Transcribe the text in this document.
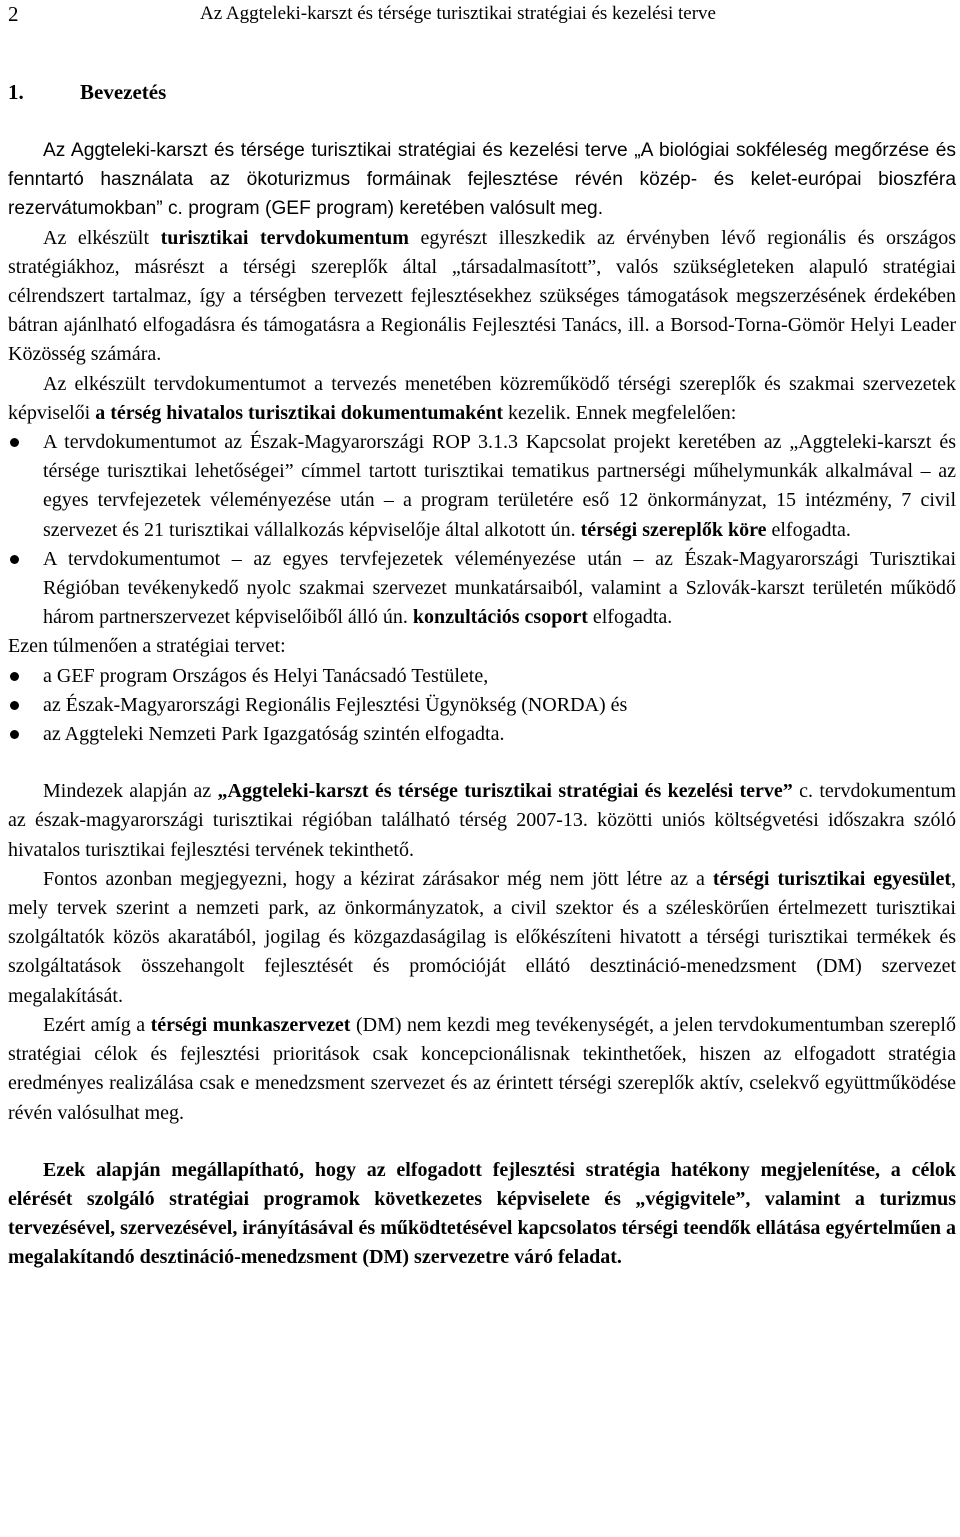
2	Az Aggteleki-karszt és térsége turisztikai stratégiai és kezelési terve
1.	Bevezetés

Az Aggteleki-karszt és térsége turisztikai stratégiai és kezelési terve „A biológiai sokféleség megőrzése és fenntartó használata az ökoturizmus formáinak fejlesztése révén közép- és kelet-európai bioszféra rezervátumokban” c. program (GEF program) keretében valósult meg.

Az elkészült turisztikai tervdokumentum egyrészt illeszkedik az érvényben lévő regionális és országos stratégiákhoz, másrészt a térségi szereplők által „társadalmasított”, valós szükségleteken alapuló stratégiai célrendszert tartalmaz, így a térségben tervezett fejlesztésekhez szükséges támogatások megszerzésének érdekében bátran ajánlható elfogadásra és támogatásra a Regionális Fejlesztési Tanács, ill. a Borsod-Torna-Gömör Helyi Leader Közösség számára.

Az elkészült tervdokumentumot a tervezés menetében közreműködő térségi szereplők és szakmai szervezetek képviselői a térség hivatalos turisztikai dokumentumaként kezelik. Ennek megfelelően:

A tervdokumentumot az Észak-Magyarországi ROP 3.1.3 Kapcsolat projekt keretében az „Aggteleki-karszt és térsége turisztikai lehetőségei” címmel tartott turisztikai tematikus partnerségi műhelymunkák alkalmával – az egyes tervfejezetek véleményezése után – a program területére eső 12 önkormányzat, 15 intézmény, 7 civil szervezet és 21 turisztikai vállalkozás képviselője által alkotott ún. térségi szereplők köre elfogadta.
A tervdokumentumot – az egyes tervfejezetek véleményezése után – az Észak-Magyarországi Turisztikai Régióban tevékenykedő nyolc szakmai szervezet munkatársaiból, valamint a Szlovák-karszt területén működő három partnerszervezet képviselőiből álló ún. konzultációs csoport elfogadta.

Ezen túlmenően a stratégiai tervet:

a GEF program Országos és Helyi Tanácsadó Testülete,
az Észak-Magyarországi Regionális Fejlesztési Ügynökség (NORDA) és
az Aggteleki Nemzeti Park Igazgatóság szintén elfogadta.

Mindezek alapján az „Aggteleki-karszt és térsége turisztikai stratégiai és kezelési terve” c. tervdokumentum az észak-magyarországi turisztikai régióban található térség 2007-13. közötti uniós költségvetési időszakra szóló hivatalos turisztikai fejlesztési tervének tekinthető.

Fontos azonban megjegyezni, hogy a kézirat zárásakor még nem jött létre az a térségi turisztikai egyesület, mely tervek szerint a nemzeti park, az önkormányzatok, a civil szektor és a széleskörűen értelmezett turisztikai szolgáltatók közös akaratából, jogilag és közgazdaságilag is előkészíteni hivatott a térségi turisztikai termékek és szolgáltatások összehangolt fejlesztését és promócióját ellátó desztináció-menedzsment (DM) szervezet megalakítását.

Ezért amíg a térségi munkaszervezet (DM) nem kezdi meg tevékenységét, a jelen tervdokumentumban szereplő stratégiai célok és fejlesztési prioritások csak koncepcionálisnak tekinthetőek, hiszen az elfogadott stratégia eredményes realizálása csak e menedzsment szervezet és az érintett térségi szereplők aktív, cselekvő együttműködése révén valósulhat meg.

Ezek alapján megállapítható, hogy az elfogadott fejlesztési stratégia hatékony megjelenítése, a célok elérését szolgáló stratégiai programok következetes képviselete és „végigvitele”, valamint a turizmus tervezésével, szervezésével, irányításával és működtetésével kapcsolatos térségi teendők ellátása egyértelműen a megalakítandó desztináció-menedzsment (DM) szervezetre váró feladat.
